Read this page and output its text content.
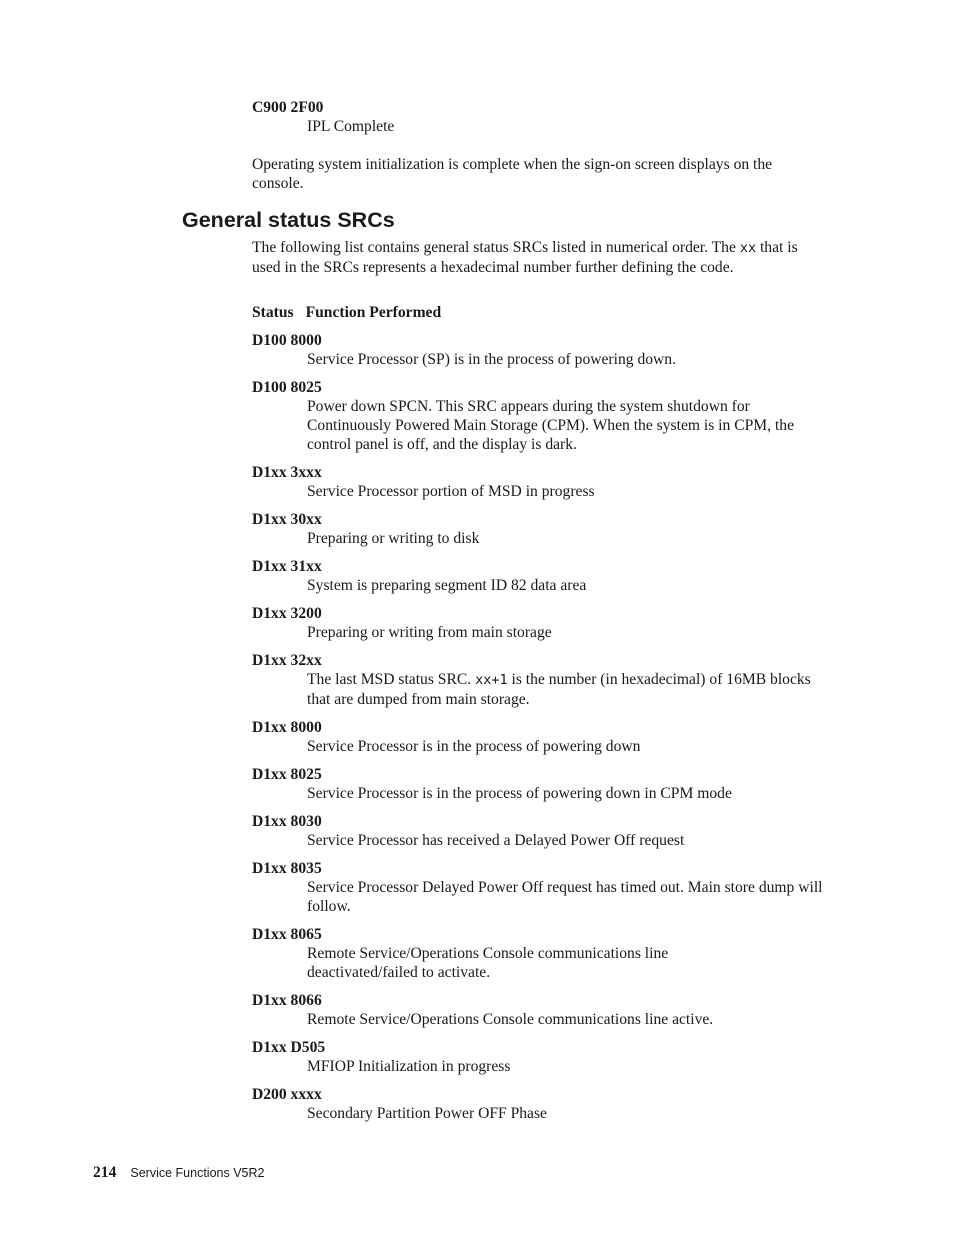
C900 2F00

IPL Complete

Operating system initialization is complete when the sign-on screen displays on the console.

General status SRCs

The following list contains general status SRCs listed in numerical order. The xx that is used in the SRCs represents a hexadecimal number further defining the code.

Status Function Performed

D100 8000

Service Processor (SP) is in the process of powering down.

D100 8025

Power down SPCN. This SRC appears during the system shutdown for Continuously Powered Main Storage (CPM). When the system is in CPM, the control panel is off, and the display is dark.

D1xx 3xxx

Service Processor portion of MSD in progress

D1xx 30xx

Preparing or writing to disk

D1xx 31xx

System is preparing segment ID 82 data area

D1xx 3200

Preparing or writing from main storage

D1xx 32xx

The last MSD status SRC. xx+1 is the number (in hexadecimal) of 16MB blocks that are dumped from main storage.

D1xx 8000

Service Processor is in the process of powering down

D1xx 8025

Service Processor is in the process of powering down in CPM mode

D1xx 8030

Service Processor has received a Delayed Power Off request

D1xx 8035

Service Processor Delayed Power Off request has timed out. Main store dump will follow.

D1xx 8065

Remote Service/Operations Console communications line deactivated/failed to activate.

D1xx 8066

Remote Service/Operations Console communications line active.

D1xx D505

MFIOP Initialization in progress

D200 xxxx

Secondary Partition Power OFF Phase

214 Service Functions V5R2
